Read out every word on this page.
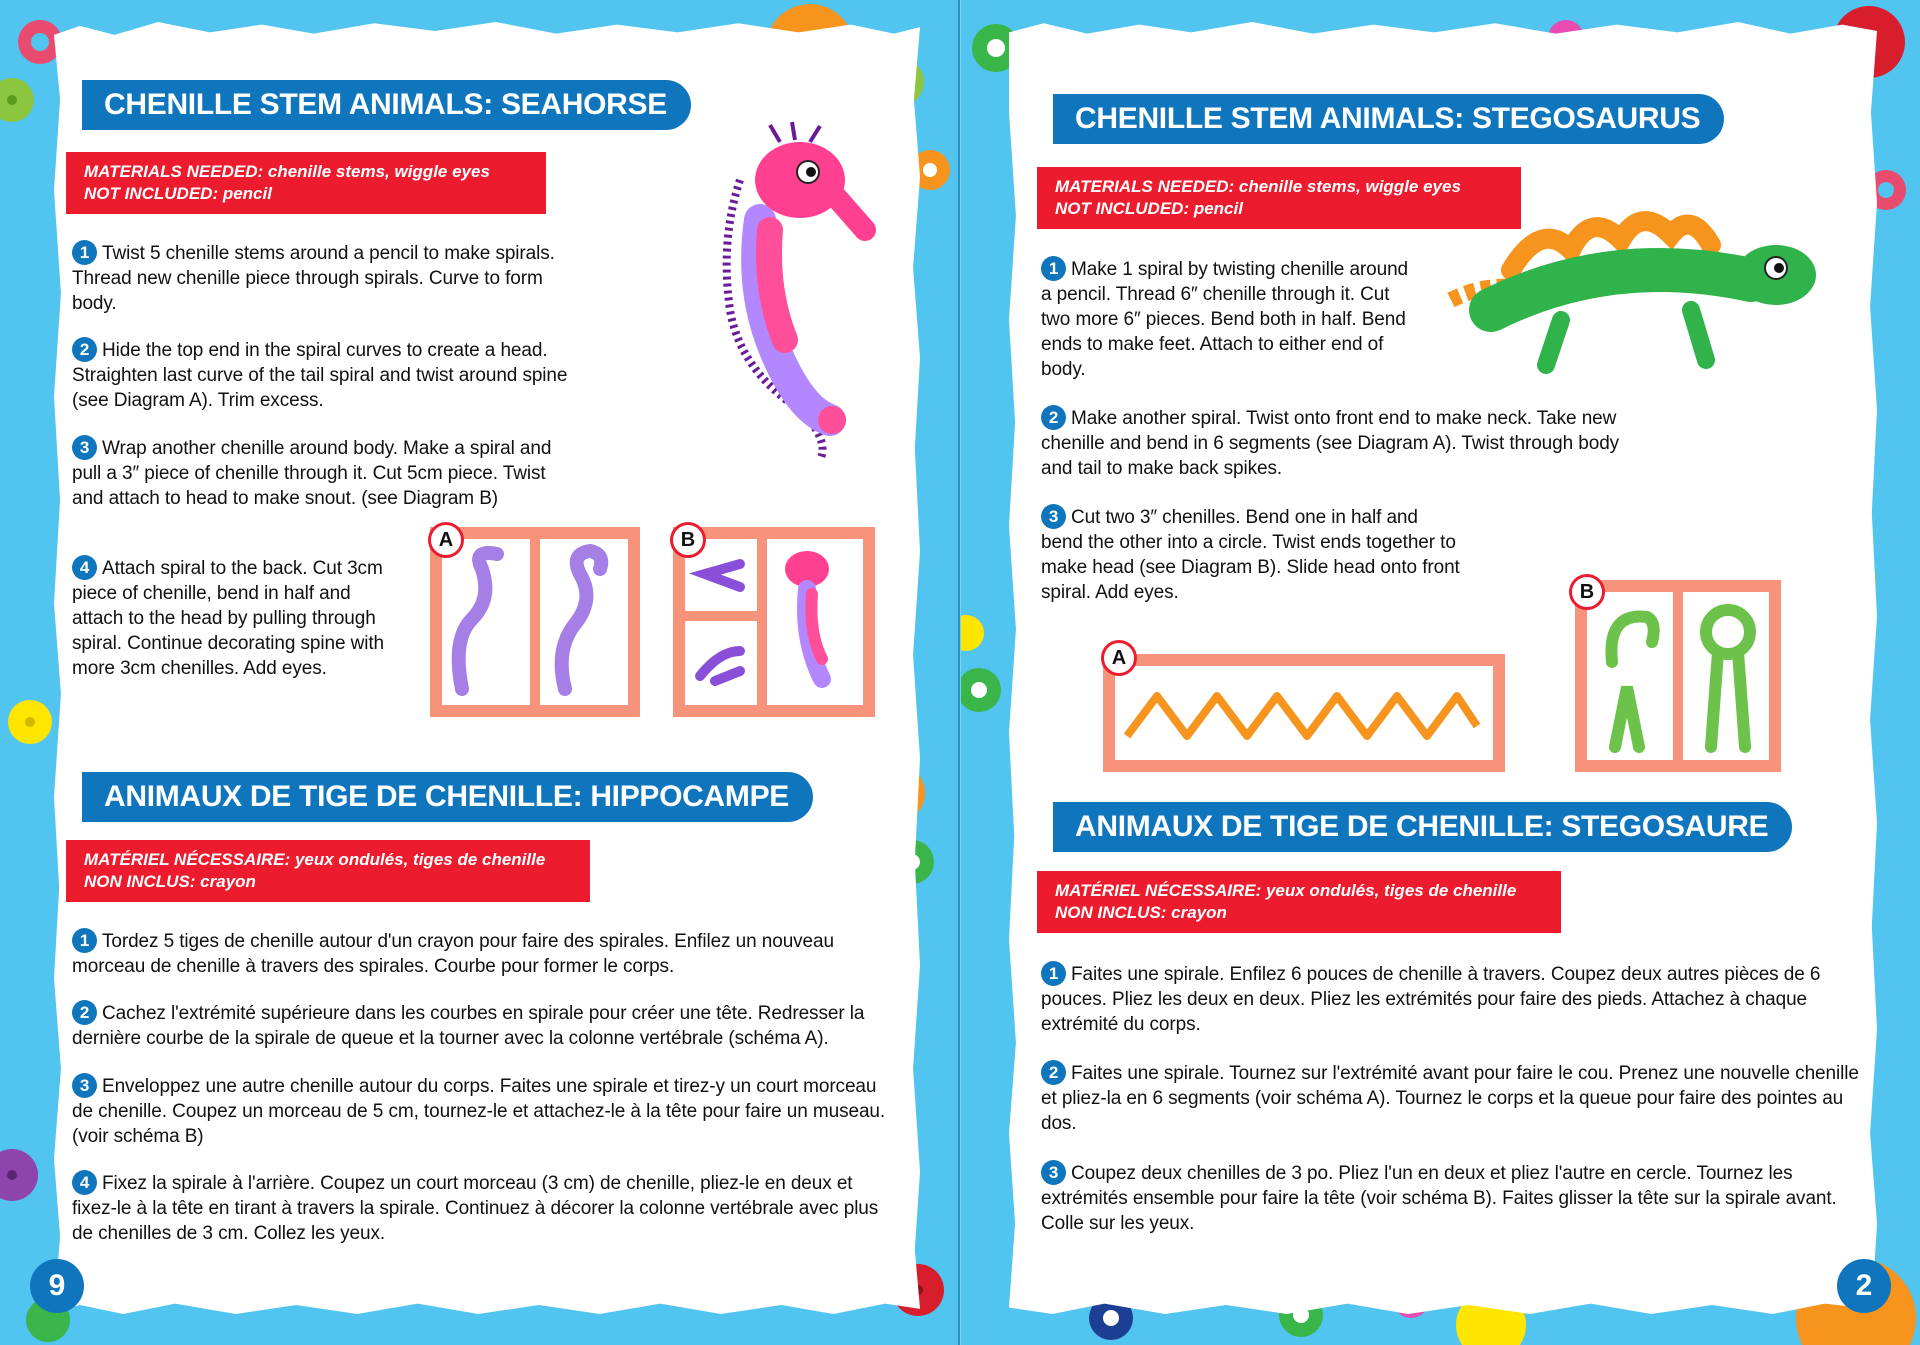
CHENILLE STEM ANIMALS: SEAHORSE
MATERIALS NEEDED: chenille stems, wiggle eyes
NOT INCLUDED: pencil
1 Twist 5 chenille stems around a pencil to make spirals. Thread new chenille piece through spirals. Curve to form body.
2 Hide the top end in the spiral curves to create a head. Straighten last curve of the tail spiral and twist around spine (see Diagram A). Trim excess.
3 Wrap another chenille around body. Make a spiral and pull a 3″ piece of chenille through it. Cut 5cm piece. Twist and attach to head to make snout. (see Diagram B)
4 Attach spiral to the back. Cut 3cm piece of chenille, bend in half and attach to the head by pulling through spiral. Continue decorating spine with more 3cm chenilles. Add eyes.
A	B
ANIMAUX DE TIGE DE CHENILLE: HIPPOCAMPE
MATÉRIEL NÉCESSAIRE: yeux ondulés, tiges de chenille
NON INCLUS: crayon
1 Tordez 5 tiges de chenille autour d'un crayon pour faire des spirales. Enfilez un nouveau morceau de chenille à travers des spirales. Courbe pour former le corps.
2 Cachez l'extrémité supérieure dans les courbes en spirale pour créer une tête. Redresser la dernière courbe de la spirale de queue et la tourner avec la colonne vertébrale (schéma A).
3 Enveloppez une autre chenille autour du corps. Faites une spirale et tirez-y un court morceau de chenille. Coupez un morceau de 5 cm, tournez-le et attachez-le à la tête pour faire un museau. (voir schéma B)
4 Fixez la spirale à l'arrière. Coupez un court morceau (3 cm) de chenille, pliez-le en deux et fixez-le à la tête en tirant à travers la spirale. Continuez à décorer la colonne vertébrale avec plus de chenilles de 3 cm. Collez les yeux.
9
CHENILLE STEM ANIMALS: STEGOSAURUS
MATERIALS NEEDED: chenille stems, wiggle eyes
NOT INCLUDED: pencil
1 Make 1 spiral by twisting chenille around a pencil. Thread 6″ chenille through it. Cut two more 6″ pieces. Bend both in half. Bend ends to make feet. Attach to either end of body.
2 Make another spiral. Twist onto front end to make neck. Take new chenille and bend in 6 segments (see Diagram A). Twist through body and tail to make back spikes.
3 Cut two 3″ chenilles. Bend one in half and bend the other into a circle. Twist ends together to make head (see Diagram B). Slide head onto front spiral. Add eyes.
A
B
ANIMAUX DE TIGE DE CHENILLE: STEGOSAURE
MATÉRIEL NÉCESSAIRE: yeux ondulés, tiges de chenille
NON INCLUS: crayon
1 Faites une spirale. Enfilez 6 pouces de chenille à travers. Coupez deux autres pièces de 6 pouces. Pliez les deux en deux. Pliez les extrémités pour faire des pieds. Attachez à chaque extrémité du corps.
2 Faites une spirale. Tournez sur l'extrémité avant pour faire le cou. Prenez une nouvelle chenille et pliez-la en 6 segments (voir schéma A). Tournez le corps et la queue pour faire des pointes au dos.
3 Coupez deux chenilles de 3 po. Pliez l'un en deux et pliez l'autre en cercle. Tournez les extrémités ensemble pour faire la tête (voir schéma B). Faites glisser la tête sur la spirale avant. Colle sur les yeux.
2
